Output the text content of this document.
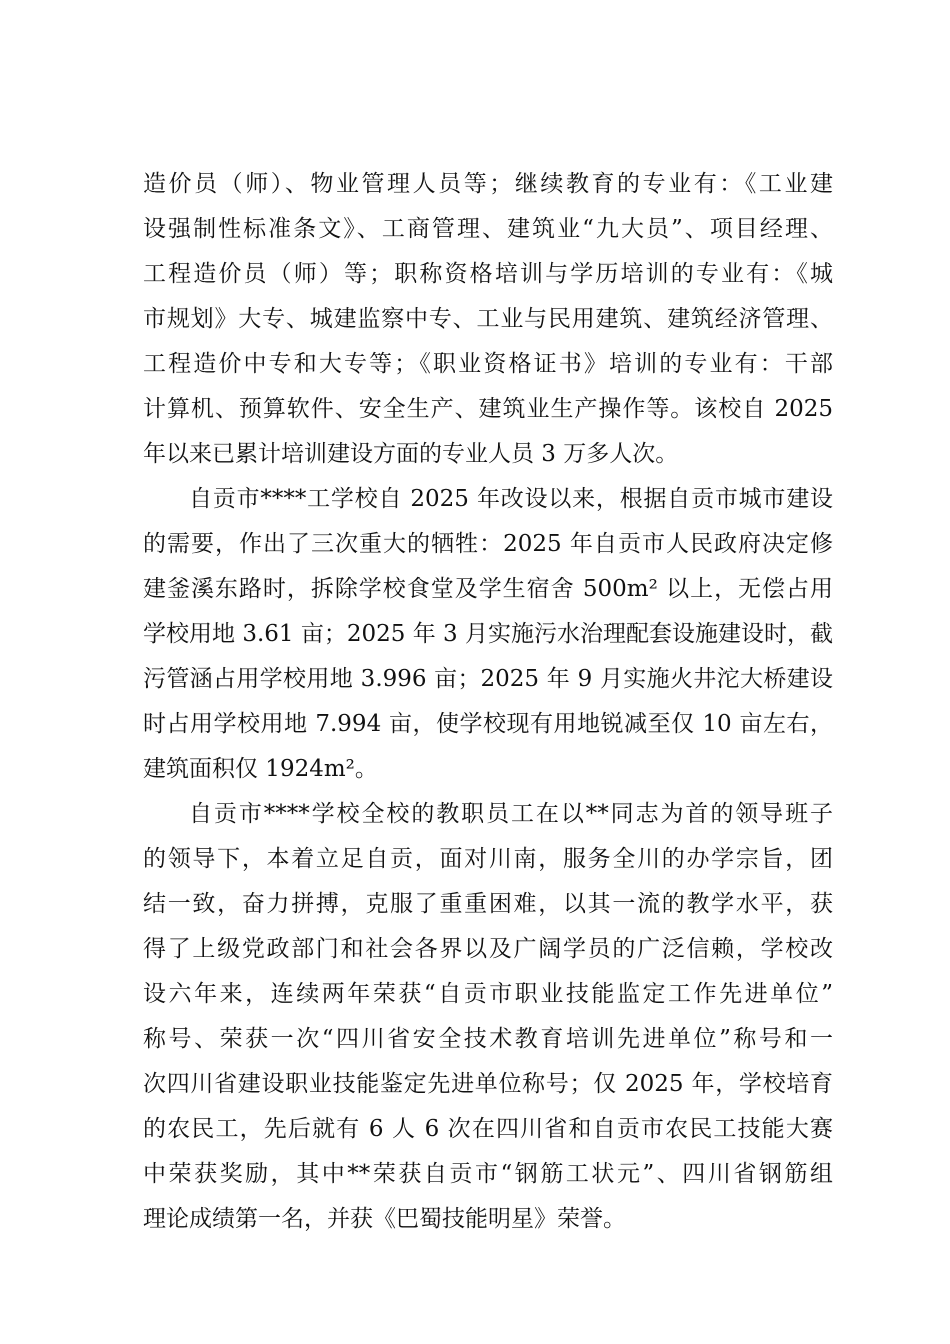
造价员（师）、物业管理人员等；继续教育的专业有：《工业建
设强制性标准条文》、工商管理、建筑业“九大员”、项目经理、
工程造价员（师）等；职称资格培训与学历培训的专业有：《城
市规划》大专、城建监察中专、工业与民用建筑、建筑经济管理、
工程造价中专和大专等；《职业资格证书》培训的专业有：干部
计算机、预算软件、安全生产、建筑业生产操作等。该校自 2025
年以来已累计培训建设方面的专业人员 3 万多人次。
自贡市****工学校自 2025 年改设以来，根据自贡市城市建设
的需要，作出了三次重大的牺牲：2025 年自贡市人民政府决定修
建釜溪东路时，拆除学校食堂及学生宿舍 500m² 以上，无偿占用
学校用地 3.61 亩；2025 年 3 月实施污水治理配套设施建设时，截
污管涵占用学校用地 3.996 亩；2025 年 9 月实施火井沱大桥建设
时占用学校用地 7.994 亩，使学校现有用地锐减至仅 10 亩左右，
建筑面积仅 1924m²。
自贡市****学校全校的教职员工在以**同志为首的领导班子
的领导下，本着立足自贡，面对川南，服务全川的办学宗旨，团
结一致，奋力拼搏，克服了重重困难，以其一流的教学水平，获
得了上级党政部门和社会各界以及广阔学员的广泛信赖，学校改
设六年来，连续两年荣获“自贡市职业技能监定工作先进单位”
称号、荣获一次“四川省安全技术教育培训先进单位”称号和一
次四川省建设职业技能鉴定先进单位称号；仅 2025 年，学校培育
的农民工，先后就有 6 人 6 次在四川省和自贡市农民工技能大赛
中荣获奖励，其中**荣获自贡市“钢筋工状元”、四川省钢筋组
理论成绩第一名，并获《巴蜀技能明星》荣誉。
